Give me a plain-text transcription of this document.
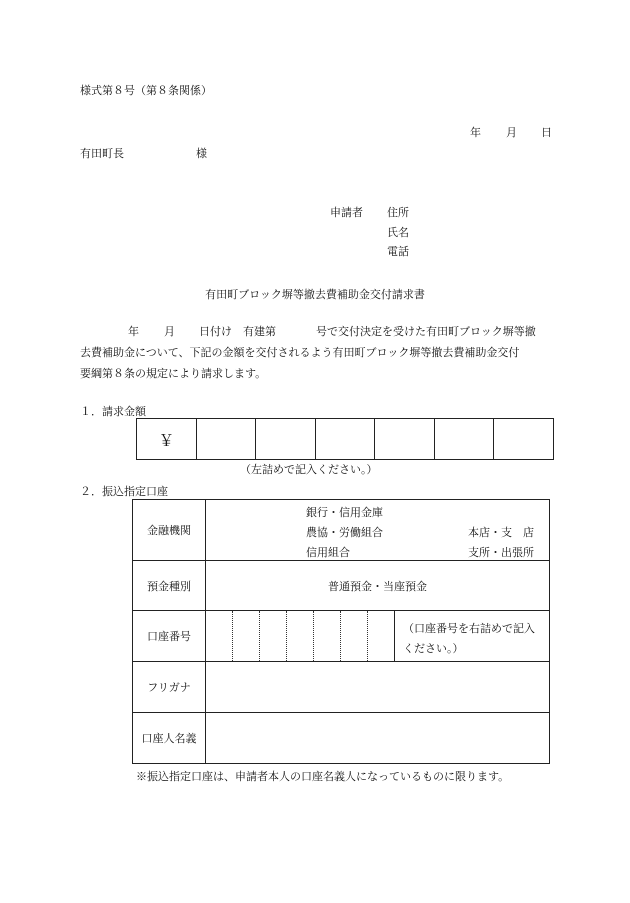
様式第８号（第８条関係）
年 月 日
有田町長	様
申請者 住所
氏名
電話
有田町ブロック塀等撤去費補助金交付請求書
年 月 日付け 有建第	号で交付決定を受けた有田町ブロック塀等撤
去費補助金について、下記の金額を交付されるよう有田町ブロック塀等撤去費補助金交付
要綱第８条の規定により請求します。
１．請求金額
￥						
（左詰めで記入ください。）
２．振込指定口座
金融機関	銀行・信用金庫
農協・労働組合
信用組合
本店・支　店
支所・出張所

預金種別	普通預金・当座預金
口座番号	（口座番号を右詰めで記入
ください。）

フリガナ	
口座人名義	
※振込指定口座は、申請者本人の口座名義人になっているものに限ります。
